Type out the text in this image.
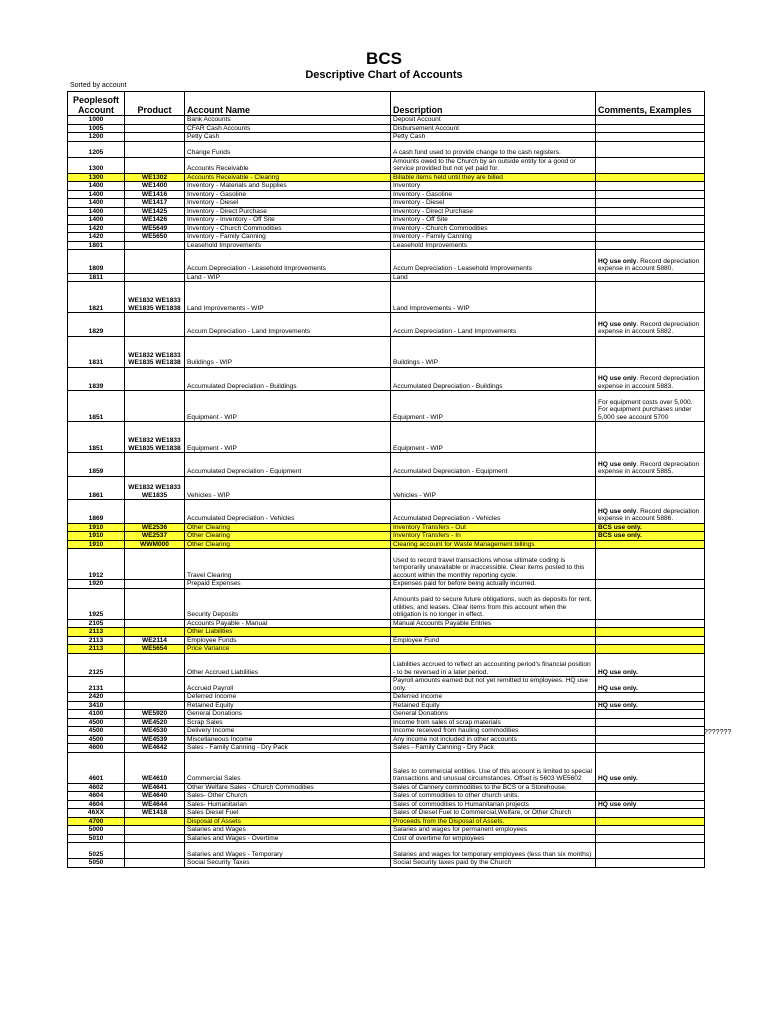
BCS
Descriptive Chart of Accounts
Sorted by account
???????
Peoplesoft Account	Product	Account Name	Description	Comments, Examples
1000		Bank Accounts	Deposit Account	
1005		CFAR Cash Accounts	Disbursement Account	
1200		Petty Cash	Petty Cash	
1205		Change Funds	A cash fund used to provide change to the cash registers.	
1300		Accounts Receivable	Amounts owed to the Church by an outside entity for a good or service provided but not yet paid for.	
1300	WE1302	Accounts Receivable - Clearing	Billable items held until they are billed	
1400	WE1400	Inventory - Materials and Supplies	Inventory	
1400	WE1416	Inventory - Gasoline	Inventory - Gasoline	
1400	WE1417	Inventory - Diesel	Inventory - Diesel	
1400	WE1425	Inventory - Direct Purchase	Inventory - Direct Purchase	
1400	WE1426	Inventory - Inventory - Off Site	Inventory - Off Site	
1420	WE5649	Inventory - Church Commodities	Inventory - Church Commodities	
1420	WE5650	Inventory - Family Canning	Inventory - Family Canning	
1801		Leasehold Improvements	Leasehold Improvements	
1809		Accum Depreciation - Leasehold Improvements	Accum Depreciation - Leasehold Improvements	HQ use only. Record depreciation expense in account 5880.
1811		Land - WIP	Land	
1821	WE1832 WE1833 WE1835 WE1838	Land Improvements - WIP	Land Improvements - WIP	
1829		Accum Depreciation - Land Improvements	Accum Depreciation - Land Improvements	HQ use only. Record depreciation expense in account 5882.
1831	WE1832 WE1833 WE1835 WE1838	Buildings - WIP	Buildings - WIP	
1839		Accumulated Depreciation - Buildings	Accumulated Depreciation - Buildings	HQ use only. Record depreciation expense in account 5883.
1851		Equipment - WIP	Equipment - WIP	For equipment costs over 5,000. For equipment purchases under 5,000 see account 5700
1851	WE1832 WE1833 WE1835 WE1838	Equipment - WIP	Equipment - WIP	
1859		Accumulated Depreciation - Equipment	Accumulated Depreciation - Equipment	HQ use only. Record depreciation expense in account 5885.
1861	WE1832 WE1833 WE1835	Vehicles - WIP	Vehicles - WIP	
1869		Accumulated Depreciation - Vehicles	Accumulated Depreciation - Vehicles	HQ use only. Record depreciation expense in account 5886.
1910	WE2536	Other Clearing	Inventory Transfers - Out	BCS use only.
1910	WE2537	Other Clearing	Inventory Transfers - In	BCS use only.
1910	WWM000	Other Clearing	Clearing account for Waste Management billings	
1912		Travel Clearing	Used to record travel transactions whose ultimate coding is temporarily unavailable or inaccessible. Clear items posted to this account within the monthly reporting cycle.	
1920		Prepaid Expenses	Expenses paid for before being actually incurred.	
1925		Security Deposits	Amounts paid to secure future obligations, such as deposits for rent, utilities, and leases. Clear items from this account when the obligation is no longer in effect.	
2105		Accounts Payable - Manual	Manual Accounts Payable Entries	
2113		Other Liabilities		
2113	WE2114	Employee Funds	Employee Fund	
2113	WE5654	Price Variance		
2125		Other Accrued Liabilities	Liabilities accrued to reflect an accounting period's financial position - to be reversed in a later period.	HQ use only.
2131		Accrued Payroll	Payroll amounts earned but not yet remitted to employees. HQ use only.	HQ use only.
2420		Deferred Income	Deferred Income	
3410		Retained Equity	Retained Equity	HQ use only.
4100	WE5920	General Donations	General Donations	
4500	WE4520	Scrap Sales	Income from sales of scrap materials	
4500	WE4530	Delivery Income	Income received from hauling commodities	
4500	WE4539	Miscellaneous Income	Any income not included in other accounts	
4600	WE4642	Sales - Family Canning - Dry Pack	Sales - Family Canning - Dry Pack	
4601	WE4610	Commercial Sales	Sales to commercial entities. Use of this account is limited to special transactions and unusual circumstances. Offset is 5603 WE5602	HQ use only.
4602	WE4641	Other Welfare Sales - Church Commodities	Sales of Cannery commodities to the BCS or a Storehouse.	
4604	WE4640	Sales- Other Church	Sales of commodities to other church units.	
4604	WE4644	Sales- Humanitarian	Sales of commodities to Humanitarian projects	HQ use only
46XX	WE1418	Sales Diesel Fuel	Sales of Diesel Fuel to Commercial,Welfare, or Other Church	
4700		Disposal of Assets	Proceeds from the Disposal of Assets.	
5000		Salaries and Wages	Salaries and wages for permanent employees	
5010		Salaries and Wages - Overtime	Cost of overtime for employees	
5025		Salaries and Wages - Temporary	Salaries and wages for temporary employees (less than six months)	
5050		Social Security Taxes	Social Security taxes paid by the Church	
